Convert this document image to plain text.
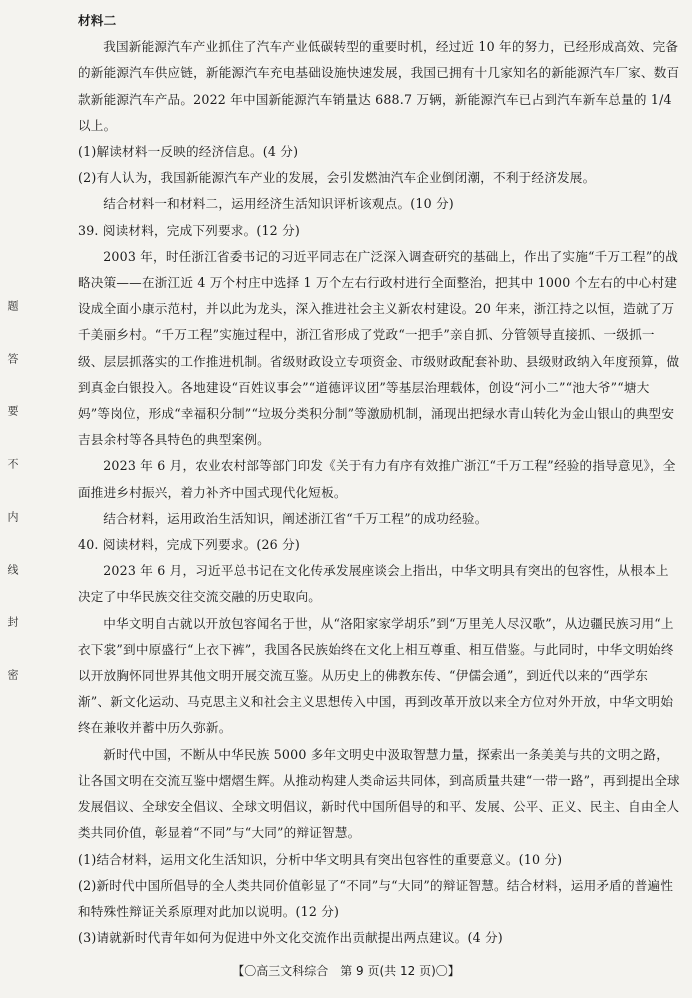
题
答
要
不
内
线
封
密

材料二

我国新能源汽车产业抓住了汽车产业低碳转型的重要时机，经过近 10 年的努力，已经形成高效、完备的新能源汽车供应链，新能源汽车充电基础设施快速发展，我国已拥有十几家知名的新能源汽车厂家、数百款新能源汽车产品。2022 年中国新能源汽车销量达 688.7 万辆，新能源汽车已占到汽车新车总量的 1/4 以上。

(1)解读材料一反映的经济信息。(4 分)

(2)有人认为，我国新能源汽车产业的发展，会引发燃油汽车企业倒闭潮，不利于经济发展。

结合材料一和材料二，运用经济生活知识评析该观点。(10 分)

39. 阅读材料，完成下列要求。(12 分)

2003 年，时任浙江省委书记的习近平同志在广泛深入调查研究的基础上，作出了实施“千万工程”的战略决策——在浙江近 4 万个村庄中选择 1 万个左右行政村进行全面整治，把其中 1000 个左右的中心村建设成全面小康示范村，并以此为龙头，深入推进社会主义新农村建设。20 年来，浙江持之以恒，造就了万千美丽乡村。“千万工程”实施过程中，浙江省形成了党政“一把手”亲自抓、分管领导直接抓、一级抓一级、层层抓落实的工作推进机制。省级财政设立专项资金、市级财政配套补助、县级财政纳入年度预算，做到真金白银投入。各地建设“百姓议事会”“道德评议团”等基层治理载体，创设“河小二”“池大爷”“塘大妈”等岗位，形成“幸福积分制”“垃圾分类积分制”等激励机制，涌现出把绿水青山转化为金山银山的典型安吉县余村等各具特色的典型案例。

2023 年 6 月，农业农村部等部门印发《关于有力有序有效推广浙江“千万工程”经验的指导意见》，全面推进乡村振兴，着力补齐中国式现代化短板。

结合材料，运用政治生活知识，阐述浙江省“千万工程”的成功经验。

40. 阅读材料，完成下列要求。(26 分)

2023 年 6 月，习近平总书记在文化传承发展座谈会上指出，中华文明具有突出的包容性，从根本上决定了中华民族交往交流交融的历史取向。

中华文明自古就以开放包容闻名于世，从“洛阳家家学胡乐”到“万里羌人尽汉歌”，从边疆民族习用“上衣下裳”到中原盛行“上衣下裤”，我国各民族始终在文化上相互尊重、相互借鉴。与此同时，中华文明始终以开放胸怀同世界其他文明开展交流互鉴。从历史上的佛教东传、“伊儒会通”，到近代以来的“西学东渐”、新文化运动、马克思主义和社会主义思想传入中国，再到改革开放以来全方位对外开放，中华文明始终在兼收并蓄中历久弥新。

新时代中国，不断从中华民族 5000 多年文明史中汲取智慧力量，探索出一条美美与共的文明之路，让各国文明在交流互鉴中熠熠生辉。从推动构建人类命运共同体，到高质量共建“一带一路”，再到提出全球发展倡议、全球安全倡议、全球文明倡议，新时代中国所倡导的和平、发展、公平、正义、民主、自由全人类共同价值，彰显着“不同”与“大同”的辩证智慧。

(1)结合材料，运用文化生活知识，分析中华文明具有突出包容性的重要意义。(10 分)

(2)新时代中国所倡导的全人类共同价值彰显了“不同”与“大同”的辩证智慧。结合材料，运用矛盾的普遍性和特殊性辩证关系原理对此加以说明。(12 分)

(3)请就新时代青年如何为促进中外文化交流作出贡献提出两点建议。(4 分)

【〇高三文科综合　第 9 页(共 12 页)〇】
